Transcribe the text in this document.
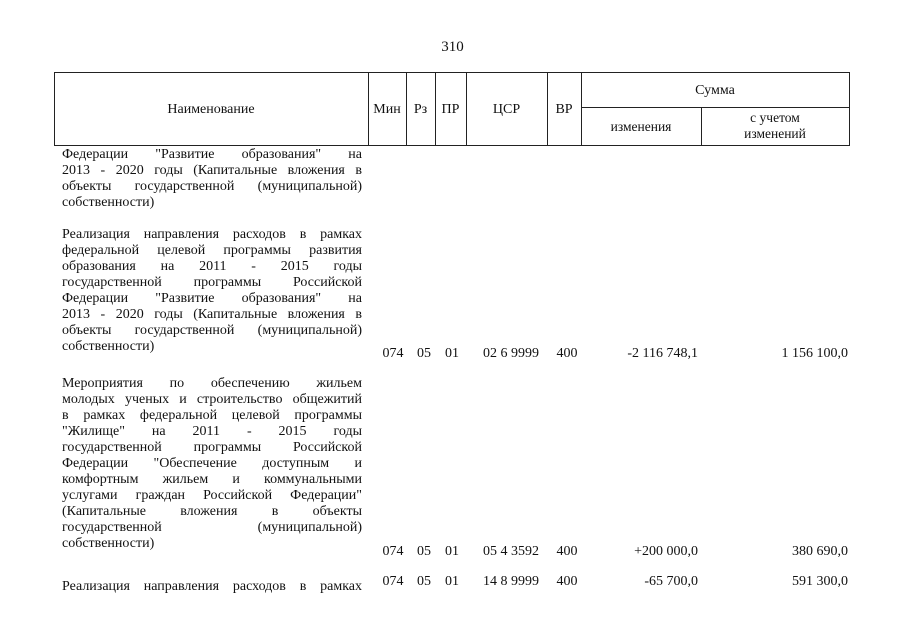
310
Наименование	Мин Рз	ПР	ЦСР	ВР
Сумма
изменения
с учетом
изменений
Федерации "Развитие образования" на
2013 - 2020 годы (Капитальные вложения в
объекты государственной (муниципальной)
собственности)
Реализация направления расходов в рамках
федеральной целевой программы развития
образования на 2011 - 2015 годы
государственной программы Российской
Федерации "Развитие образования" на
2013 - 2020 годы (Капитальные вложения в
объекты государственной (муниципальной)
собственности)	074 05	01	02 6 9999	400	-2 116 748,1	1 156 100,0
Мероприятия по обеспечению жильем
молодых ученых и строительство общежитий
в рамках федеральной целевой программы
"Жилище" на 2011 - 2015 годы
государственной программы Российской
Федерации "Обеспечение доступным и
комфортным жильем и коммунальными
услугами граждан Российской Федерации"
(Капитальные вложения в объекты
государственной (муниципальной)
собственности)
074 05	01	05 4 3592	400	+200 000,0	380 690,0
Реализация направления расходов в рамках 074 05	01	14 8 9999	400	-65 700,0	591 300,0
